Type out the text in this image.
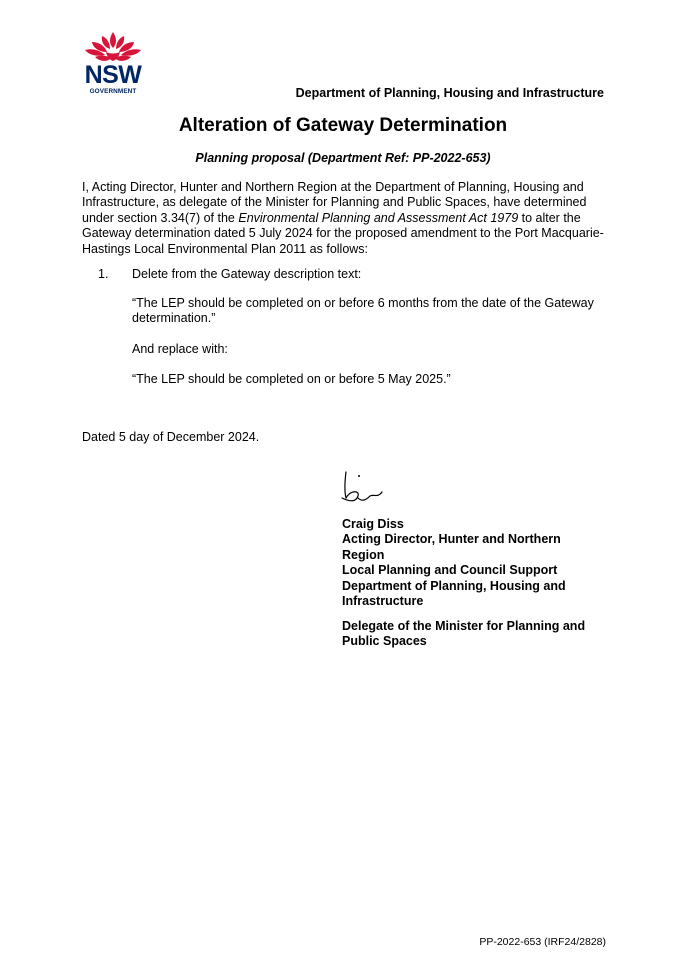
NSW
GOVERNMENT	Department of Planning, Housing and Infrastructure
Alteration of Gateway Determination
Planning proposal (Department Ref: PP-2022-653)
I, Acting Director, Hunter and Northern Region at the Department of Planning, Housing and Infrastructure, as delegate of the Minister for Planning and Public Spaces, have determined under section 3.34(7) of the Environmental Planning and Assessment Act 1979 to alter the Gateway determination dated 5 July 2024 for the proposed amendment to the Port Macquarie-Hastings Local Environmental Plan 2011 as follows:
1. Delete from the Gateway description text:
“The LEP should be completed on or before 6 months from the date of the Gateway determination.”
And replace with:
“The LEP should be completed on or before 5 May 2025.”
Dated 5 day of December 2024.
Craig Diss
Acting Director, Hunter and Northern Region
Local Planning and Council Support
Department of Planning, Housing and Infrastructure
Delegate of the Minister for Planning and Public Spaces
PP-2022-653 (IRF24/2828)
